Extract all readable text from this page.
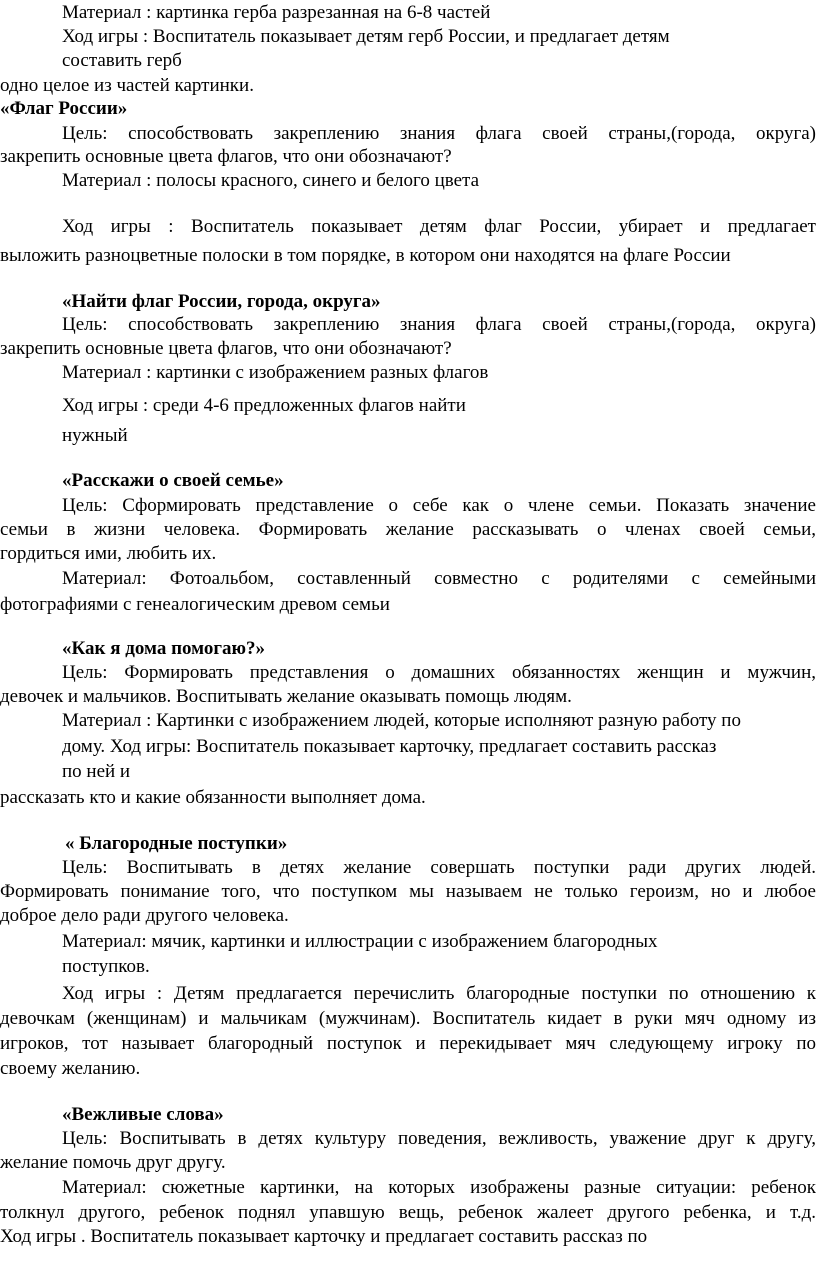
Материал : картинка герба разрезанная на 6-8 частей
Ход игры : Воспитатель показывает детям герб России, и предлагает детям
составить герб
одно целое из частей картинки.
«Флаг России»
Цель: способствовать закреплению знания флага своей страны,(города, округа)
закрепить основные цвета флагов, что они обозначают?
Материал : полосы красного, синего и белого цвета
Ход игры : Воспитатель показывает детям флаг России, убирает и предлагает
выложить разноцветные полоски в том порядке, в котором они находятся на флаге России
«Найти флаг России, города, округа»
Цель: способствовать закреплению знания флага своей страны,(города, округа)
закрепить основные цвета флагов, что они обозначают?
Материал : картинки с изображением разных флагов
Ход игры : среди 4-6 предложенных флагов найти
нужный
«Расскажи о своей семье»
Цель: Сформировать представление о себе как о члене семьи. Показать значение
семьи в жизни человека. Формировать желание рассказывать о членах своей семьи,
гордиться ими, любить их.
Материал: Фотоальбом, составленный совместно с родителями с семейными
фотографиями с генеалогическим древом семьи
«Как я дома помогаю?»
Цель: Формировать представления о домашних обязанностях женщин и мужчин,
девочек и мальчиков. Воспитывать желание оказывать помощь людям.
Материал : Картинки с изображением людей, которые исполняют разную работу по
дому. Ход игры: Воспитатель показывает карточку, предлагает составить рассказ
по ней и
рассказать кто и какие обязанности выполняет дома.
« Благородные поступки»
Цель: Воспитывать в детях желание совершать поступки ради других людей.
Формировать понимание того, что поступком мы называем не только героизм, но и любое
доброе дело ради другого человека.
Материал: мячик, картинки и иллюстрации с изображением благородных
поступков.
Ход игры : Детям предлагается перечислить благородные поступки по отношению к
девочкам (женщинам) и мальчикам (мужчинам). Воспитатель кидает в руки мяч одному из
игроков, тот называет благородный поступок и перекидывает мяч следующему игроку по
своему желанию.
«Вежливые слова»
Цель: Воспитывать в детях культуру поведения, вежливость, уважение друг к другу,
желание помочь друг другу.
Материал: сюжетные картинки, на которых изображены разные ситуации: ребенок
толкнул другого, ребенок поднял упавшую вещь, ребенок жалеет другого ребенка, и т.д.
Ход игры . Воспитатель показывает карточку и предлагает составить рассказ по
